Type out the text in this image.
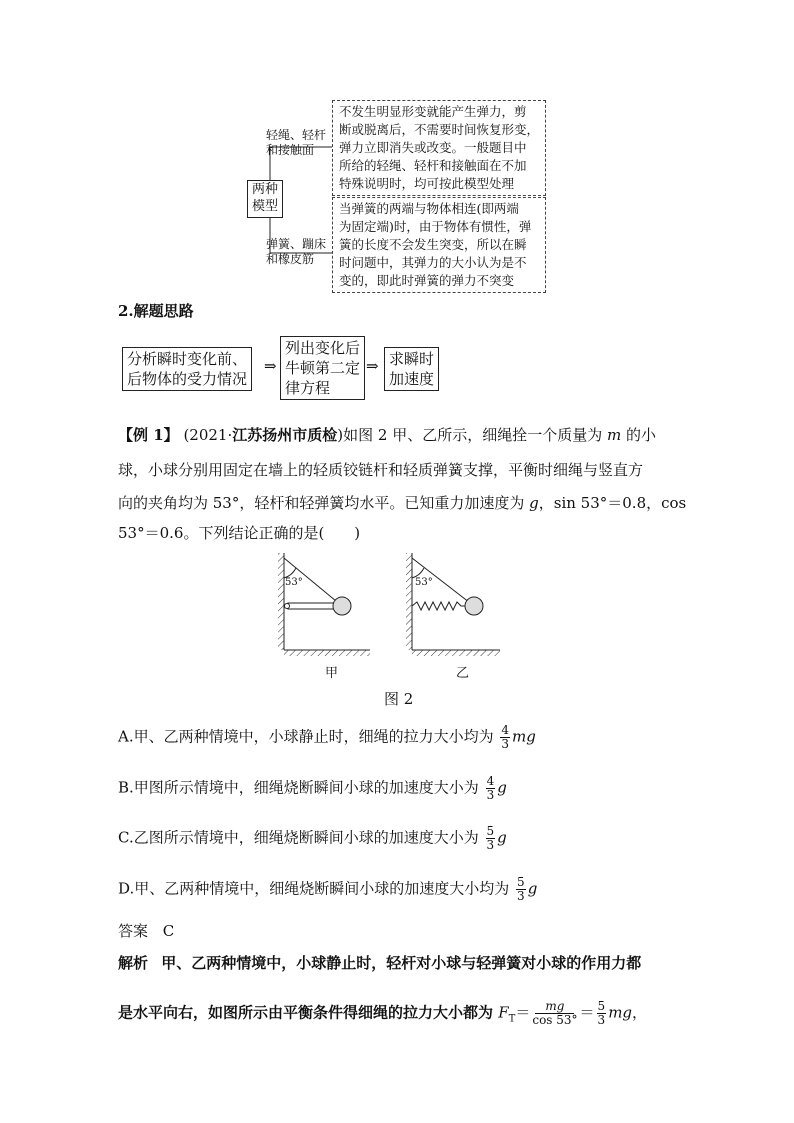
两种
模型
轻绳、轻杆
和接触面
弹簧、蹦床
和橡皮筋
不发生明显形变就能产生弹力，剪
断或脱离后，不需要时间恢复形变，
弹力立即消失或改变。一般题目中
所给的轻绳、轻杆和接触面在不加
特殊说明时，均可按此模型处理
当弹簧的两端与物体相连(即两端
为固定端)时，由于物体有惯性，弹
簧的长度不会发生突变，所以在瞬
时问题中，其弹力的大小认为是不
变的，即此时弹簧的弹力不突变
2.解题思路
分析瞬时变化前、
后物体的受力情况
⇒
列出变化后
牛顿第二定
律方程
⇒ 求瞬时
加速度
【例 1】 (2021·江苏扬州市质检)如图 2 甲、乙所示，细绳拴一个质量为 m 的小
球，小球分别用固定在墙上的轻质铰链杆和轻质弹簧支撑，平衡时细绳与竖直方
向的夹角均为 53°，轻杆和轻弹簧均水平。已知重力加速度为 g，sin 53°＝0.8，cos
53°＝0.6。下列结论正确的是(　　)
53°	53°
甲	乙
图 2
A.甲、乙两种情境中，小球静止时，细绳的拉力大小均为 $\frac{4}{3}$ mg
B.甲图所示情境中，细绳烧断瞬间小球的加速度大小为 $\frac{4}{3}$ g
C.乙图所示情境中，细绳烧断瞬间小球的加速度大小为 $\frac{5}{3}$ g
D.甲、乙两种情境中，细绳烧断瞬间小球的加速度大小均为 $\frac{5}{3}$ g
答案 C
解析 甲、乙两种情境中，小球静止时，轻杆对小球与轻弹簧对小球的作用力都
是水平向右，如图所示由平衡条件得细绳的拉力大小都为 $F_T= \frac{mg}{\cos 53^\circ} = \frac{5}{3}$ mg，
